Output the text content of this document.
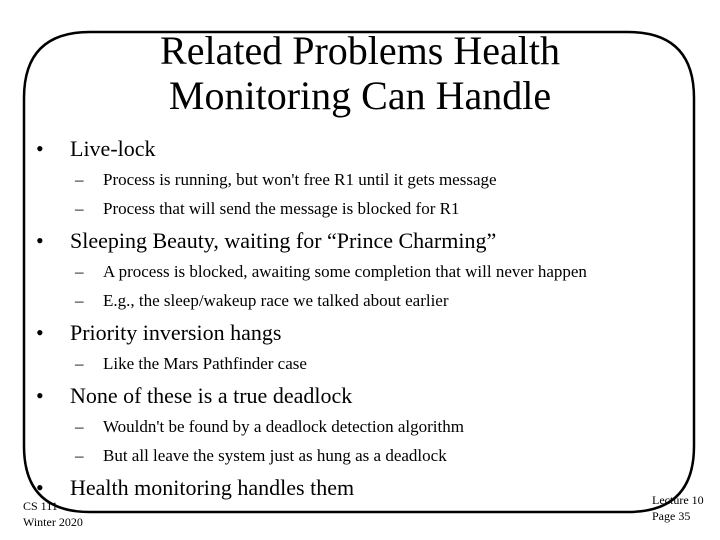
Related Problems Health
Monitoring Can Handle
• Live-lock
– Process is running, but won't free R1 until it gets message
– Process that will send the message is blocked for R1
• Sleeping Beauty, waiting for “Prince Charming”
– A process is blocked, awaiting some completion that will never happen
– E.g., the sleep/wakeup race we talked about earlier
• Priority inversion hangs
– Like the Mars Pathfinder case
• None of these is a true deadlock
– Wouldn't be found by a deadlock detection algorithm
– But all leave the system just as hung as a deadlock
• Health monitoring handles them
CS 111
Winter 2020
Lecture 10
Page 35
